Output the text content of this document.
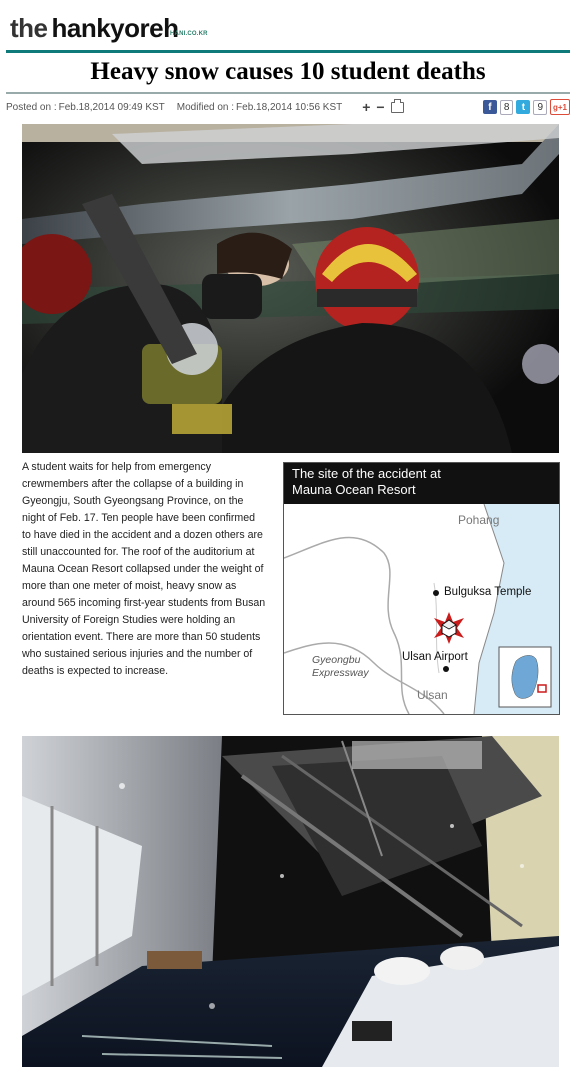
the hankyoreh
HANI.CO.KR
Heavy snow causes 10 student deaths
Posted on : Feb.18,2014 09:49 KST Modified on : Feb.18,2014 10:56 KST + −	f	8	t	9	g+1

A student waits for help from emergency crewmembers after the collapse of a building in Gyeongju, South Gyeongsang Province, on the night of Feb. 17. Ten people have been confirmed to have died in the accident and a dozen others are still unaccounted for. The roof of the auditorium at Mauna Ocean Resort collapsed under the weight of more than one meter of moist, heavy snow as around 565 incoming first-year students from Busan University of Foreign Studies were holding an orientation event. There are more than 50 students who sustained serious injuries and the number of deaths is expected to increase.

The site of the accident at
Mauna Ocean Resort
Pohang
Bulguksa Temple
Ulsan Airport
Gyeongbu
Expressway
Ulsan
